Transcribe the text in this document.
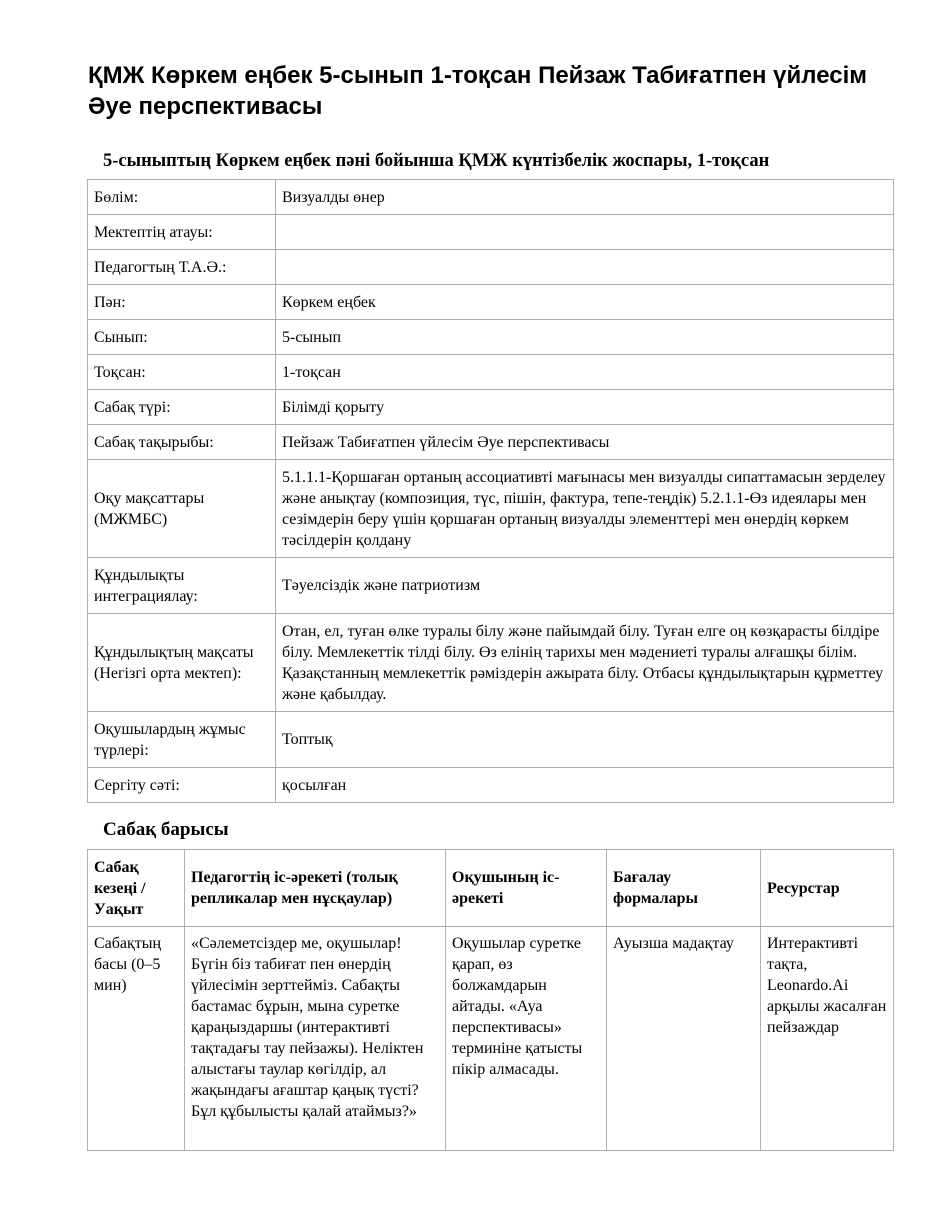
ҚМЖ Көркем еңбек 5-сынып 1-тоқсан Пейзаж Табиғатпен үйлесім Әуе перспективасы
5-сыныптың Көркем еңбек пәні бойынша ҚМЖ күнтізбелік жоспары, 1-тоқсан
Бөлім:	Визуалды өнер
Мектептің атауы:	
Педагогтың Т.А.Ә.:	
Пән:	Көркем еңбек
Сынып:	5-сынып
Тоқсан:	1-тоқсан
Сабақ түрі:	Білімді қорыту
Сабақ тақырыбы:	Пейзаж Табиғатпен үйлесім Әуе перспективасы
Оқу мақсаттары (МЖМБС)	5.1.1.1-Қоршаған ортаның ассоциативті мағынасы мен визуалды сипаттамасын зерделеу және анықтау (композиция, түс, пішін, фактура, тепе-теңдік) 5.2.1.1-Өз идеялары мен сезімдерін беру үшін қоршаған ортаның визуалды элементтері мен өнердің көркем тәсілдерін қолдану
Құндылықты интеграциялау:	Тәуелсіздік және патриотизм
Құндылықтың мақсаты (Негізгі орта мектеп):	Отан, ел, туған өлке туралы білу және пайымдай білу. Туған елге оң көзқарасты білдіре білу. Мемлекеттік тілді білу. Өз елінің тарихы мен мәдениеті туралы алғашқы білім. Қазақстанның мемлекеттік рәміздерін ажырата білу. Отбасы құндылықтарын құрметтеу және қабылдау.
Оқушылардың жұмыс түрлері:	Топтық
Сергіту сәті:	қосылған
Сабақ барысы
Сабақ кезеңі / Уақыт	Педагогтің іс-әрекеті (толық репликалар мен нұсқаулар)	Оқушының іс-әрекеті	Бағалау формалары	Ресурстар
Сабақтың басы (0–5 мин)	«Сәлеметсіздер ме, оқушылар! Бүгін біз табиғат пен өнердің үйлесімін зерттейміз. Сабақты бастамас бұрын, мына суретке қараңыздаршы (интерактивті тақтадағы тау пейзажы). Неліктен алыстағы таулар көгілдір, ал жақындағы ағаштар қаңық түсті? Бұл құбылысты қалай атаймыз?»	Оқушылар суретке қарап, өз болжамдарын айтады. «Ауа перспективасы» терминіне қатысты пікір алмасады.	Ауызша мадақтау	Интерактивті тақта, Leonardo.Ai арқылы жасалған пейзаждар
